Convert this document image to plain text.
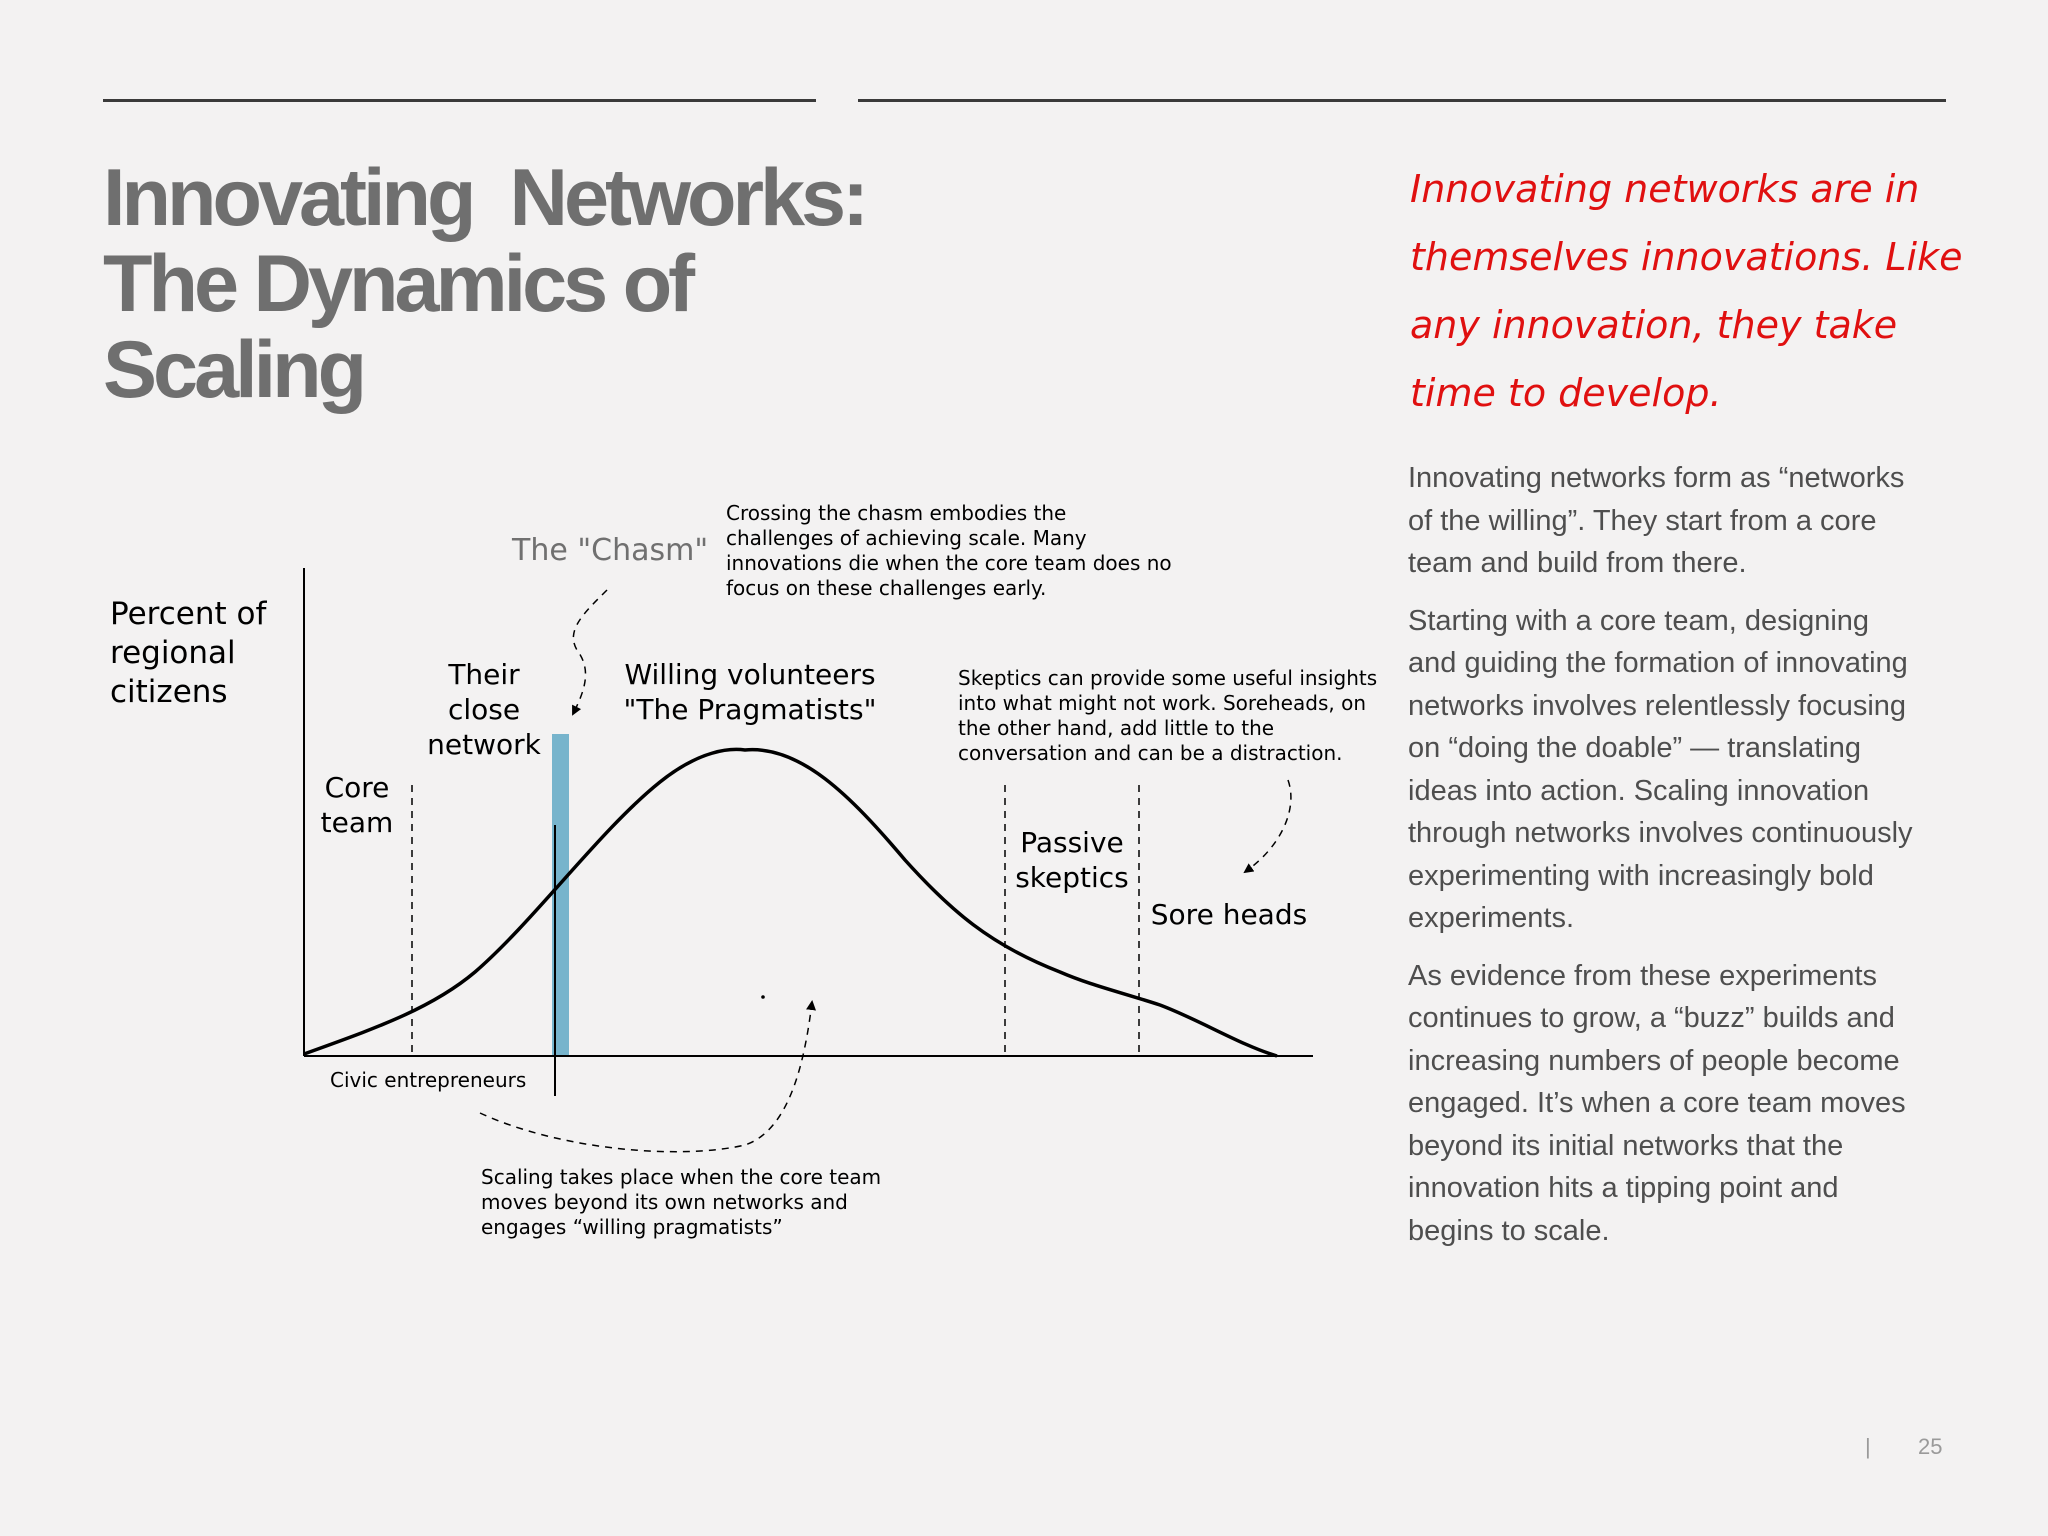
Innovating  Networks:
The Dynamics of
Scaling

Innovating networks are in
themselves innovations. Like
any innovation, they take
time to develop.

Innovating networks form as “networks
of the willing”. They start from a core
team and build from there.

Starting with a core team, designing
and guiding the formation of innovating
networks involves relentlessly focusing
on “doing the doable” — translating
ideas into action. Scaling innovation
through networks involves continuously
experimenting with increasingly bold
experiments.

As evidence from these experiments
continues to grow, a “buzz” builds and
increasing numbers of people become
engaged. It’s when a core team moves
beyond its initial networks that the
innovation hits a tipping point and
begins to scale.

Percent of
regional
citizens
Core
team
Their
close
network
Willing volunteers
"The Pragmatists"
Passive
skeptics
Sore heads
The "Chasm"
Crossing the chasm embodies the
challenges of achieving scale. Many
innovations die when the core team does no
focus on these challenges early.
Skeptics can provide some useful insights
into what might not work. Soreheads, on
the other hand, add little to the
conversation and can be a distraction.
Civic entrepreneurs
Scaling takes place when the core team
moves beyond its own networks and
engages “willing pragmatists”
| 25
